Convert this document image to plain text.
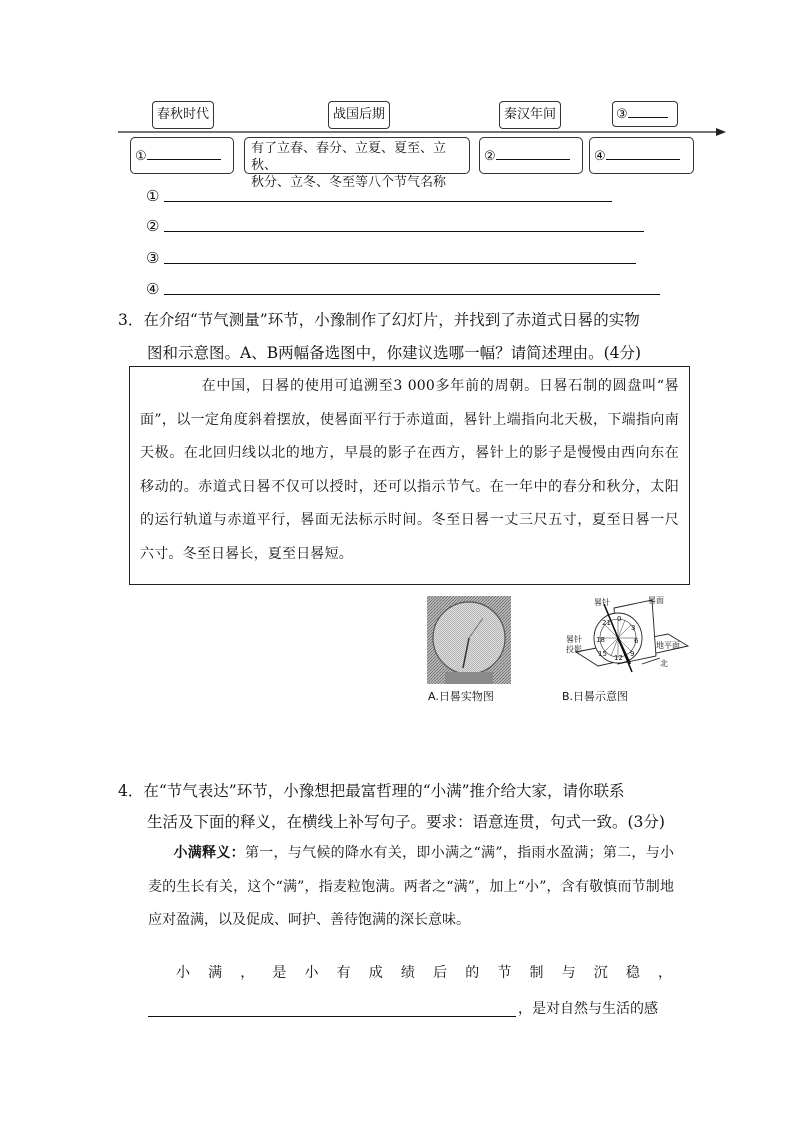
春秋时代	战国后期	秦汉年间	③
①
有了立春、春分、立夏、夏至、立秋、
秋分、立冬、冬至等八个节气名称
②	④
①
②
③
④
3．在介绍“节气测量”环节，小豫制作了幻灯片，并找到了赤道式日晷的实物
图和示意图。A、B两幅备选图中，你建议选哪一幅？请简述理由。(4分)

在中国，日晷的使用可追溯至3 000多年前的周朝。日晷石制的圆盘叫“晷面”，以一定角度斜着摆放，使晷面平行于赤道面，晷针上端指向北天极，下端指向南天极。在北回归线以北的地方，早晨的影子在西方，晷针上的影子是慢慢由西向东在移动的。赤道式日晷不仅可以授时，还可以指示节气。在一年中的春分和秋分，太阳的运行轨道与赤道平行，晷面无法标示时间。冬至日晷一丈三尺五寸，夏至日晷一尺六寸。冬至日晷长，夏至日晷短。

A.日晷实物图
0
3
6
9
12
15
18
21
晷针	晷面
晷针
投影	地平面
北
B.日晷示意图
4．在“节气表达”环节，小豫想把最富哲理的“小满”推介给大家，请你联系
生活及下面的释义，在横线上补写句子。要求：语意连贯，句式一致。(3分)
小满释义：第一，与气候的降水有关，即小满之“满”，指雨水盈满；第二，与小麦的生长有关，这个“满”，指麦粒饱满。两者之“满”，加上“小”，含有敬慎而节制地应对盈满，以及促成、呵护、善待饱满的深长意味。
小满，是小有成绩后的节制与沉稳，
，是对自然与生活的感
